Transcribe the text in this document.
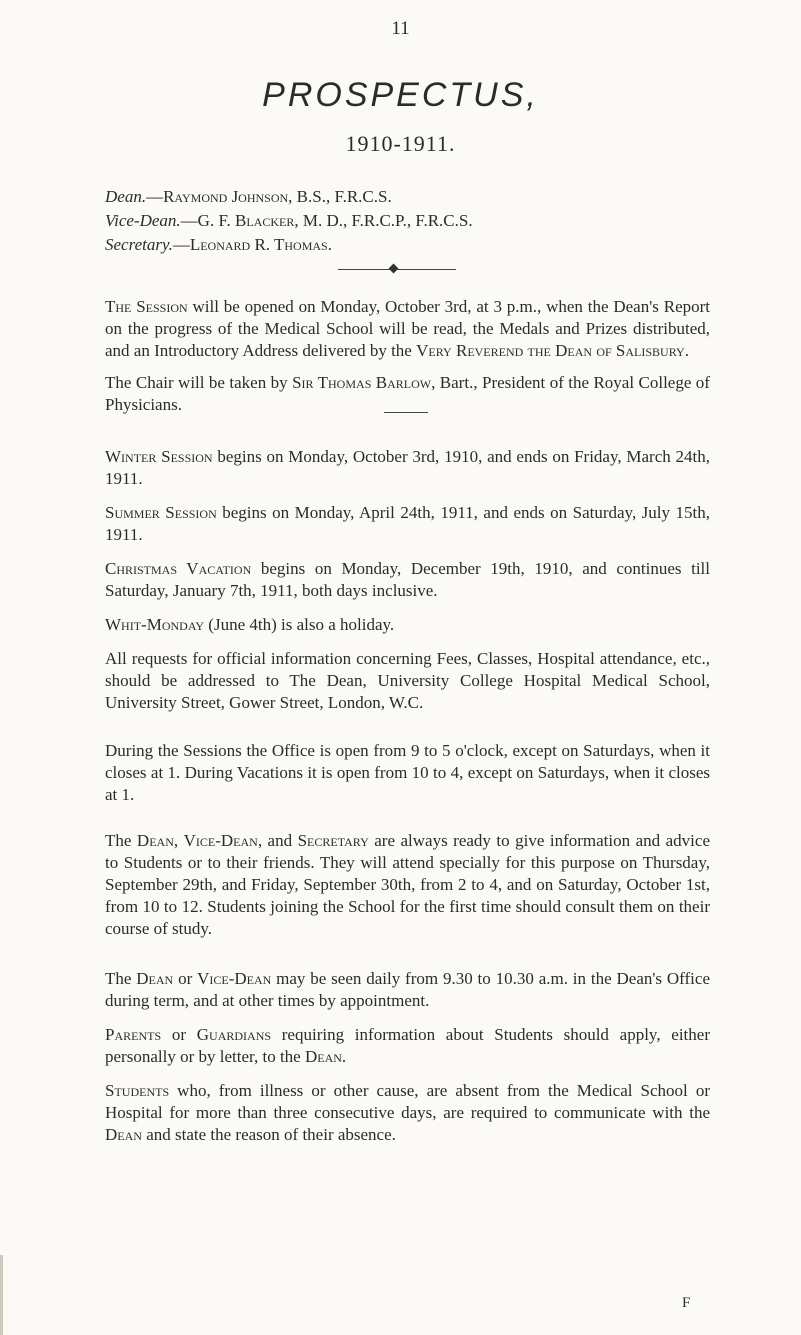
11
PROSPECTUS,
1910-1911.
Dean.—Raymond Johnson, B.S., F.R.C.S.
Vice-Dean.—G. F. Blacker, M. D., F.R.C.P., F.R.C.S.
Secretary.—Leonard R. Thomas.

The Session will be opened on Monday, October 3rd, at 3 p.m., when the Dean's Report on the progress of the Medical School will be read, the Medals and Prizes distributed, and an Introductory Address delivered by the Very Reverend the Dean of Salisbury.

The Chair will be taken by Sir Thomas Barlow, Bart., President of the Royal College of Physicians.

Winter Session begins on Monday, October 3rd, 1910, and ends on Friday, March 24th, 1911.

Summer Session begins on Monday, April 24th, 1911, and ends on Saturday, July 15th, 1911.

Christmas Vacation begins on Monday, December 19th, 1910, and continues till Saturday, January 7th, 1911, both days inclusive.

Whit-Monday (June 4th) is also a holiday.

All requests for official information concerning Fees, Classes, Hospital attendance, etc., should be addressed to The Dean, University College Hospital Medical School, University Street, Gower Street, London, W.C.

During the Sessions the Office is open from 9 to 5 o'clock, except on Saturdays, when it closes at 1. During Vacations it is open from 10 to 4, except on Saturdays, when it closes at 1.

The Dean, Vice-Dean, and Secretary are always ready to give information and advice to Students or to their friends. They will attend specially for this purpose on Thursday, September 29th, and Friday, September 30th, from 2 to 4, and on Saturday, October 1st, from 10 to 12. Students joining the School for the first time should consult them on their course of study.

The Dean or Vice-Dean may be seen daily from 9.30 to 10.30 a.m. in the Dean's Office during term, and at other times by appointment.

Parents or Guardians requiring information about Students should apply, either personally or by letter, to the Dean.

Students who, from illness or other cause, are absent from the Medical School or Hospital for more than three consecutive days, are required to communicate with the Dean and state the reason of their absence.

F
